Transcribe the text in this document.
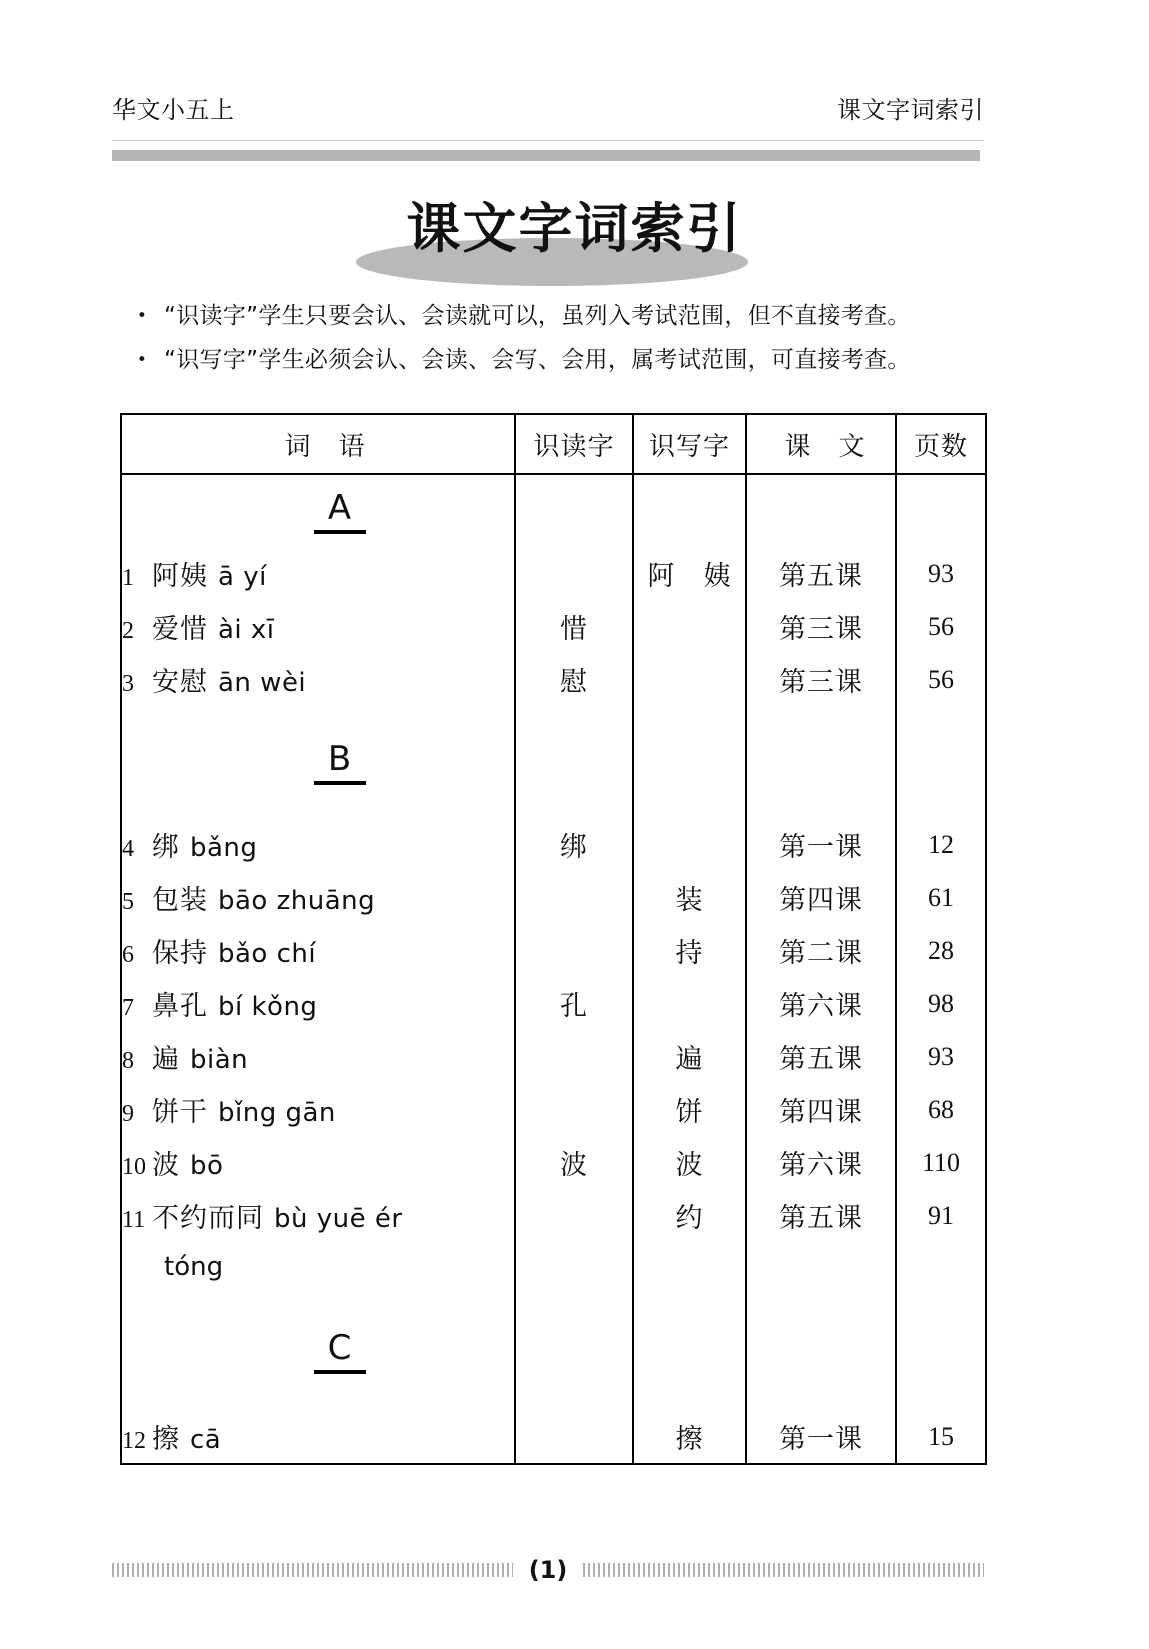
华文小五上	课文字词索引
课文字词索引
• “识读字”学生只要会认、会读就可以，虽列入考试范围，但不直接考查。
• “识写字”学生必须会认、会读、会写、会用，属考试范围，可直接考查。
词　语	识读字	识写字	课　文	页数
A				
1 阿姨 ā yí		阿　姨	第五课	93
2 爱惜 ài xī	惜		第三课	56
3 安慰 ān wèi	慰		第三课	56
B				
4 绑 bǎng	绑		第一课	12
5 包装 bāo zhuāng		装	第四课	61
6 保持 bǎo chí		持	第二课	28
7 鼻孔 bí kǒng	孔		第六课	98
8 遍 biàn		遍	第五课	93
9 饼干 bǐng gān		饼	第四课	68
10 波 bō	波	波	第六课	110
11 不约而同 bù yuē ér		约	第五课	91

tóng				

C				
12 擦 cā		擦	第一课	15
(1)
